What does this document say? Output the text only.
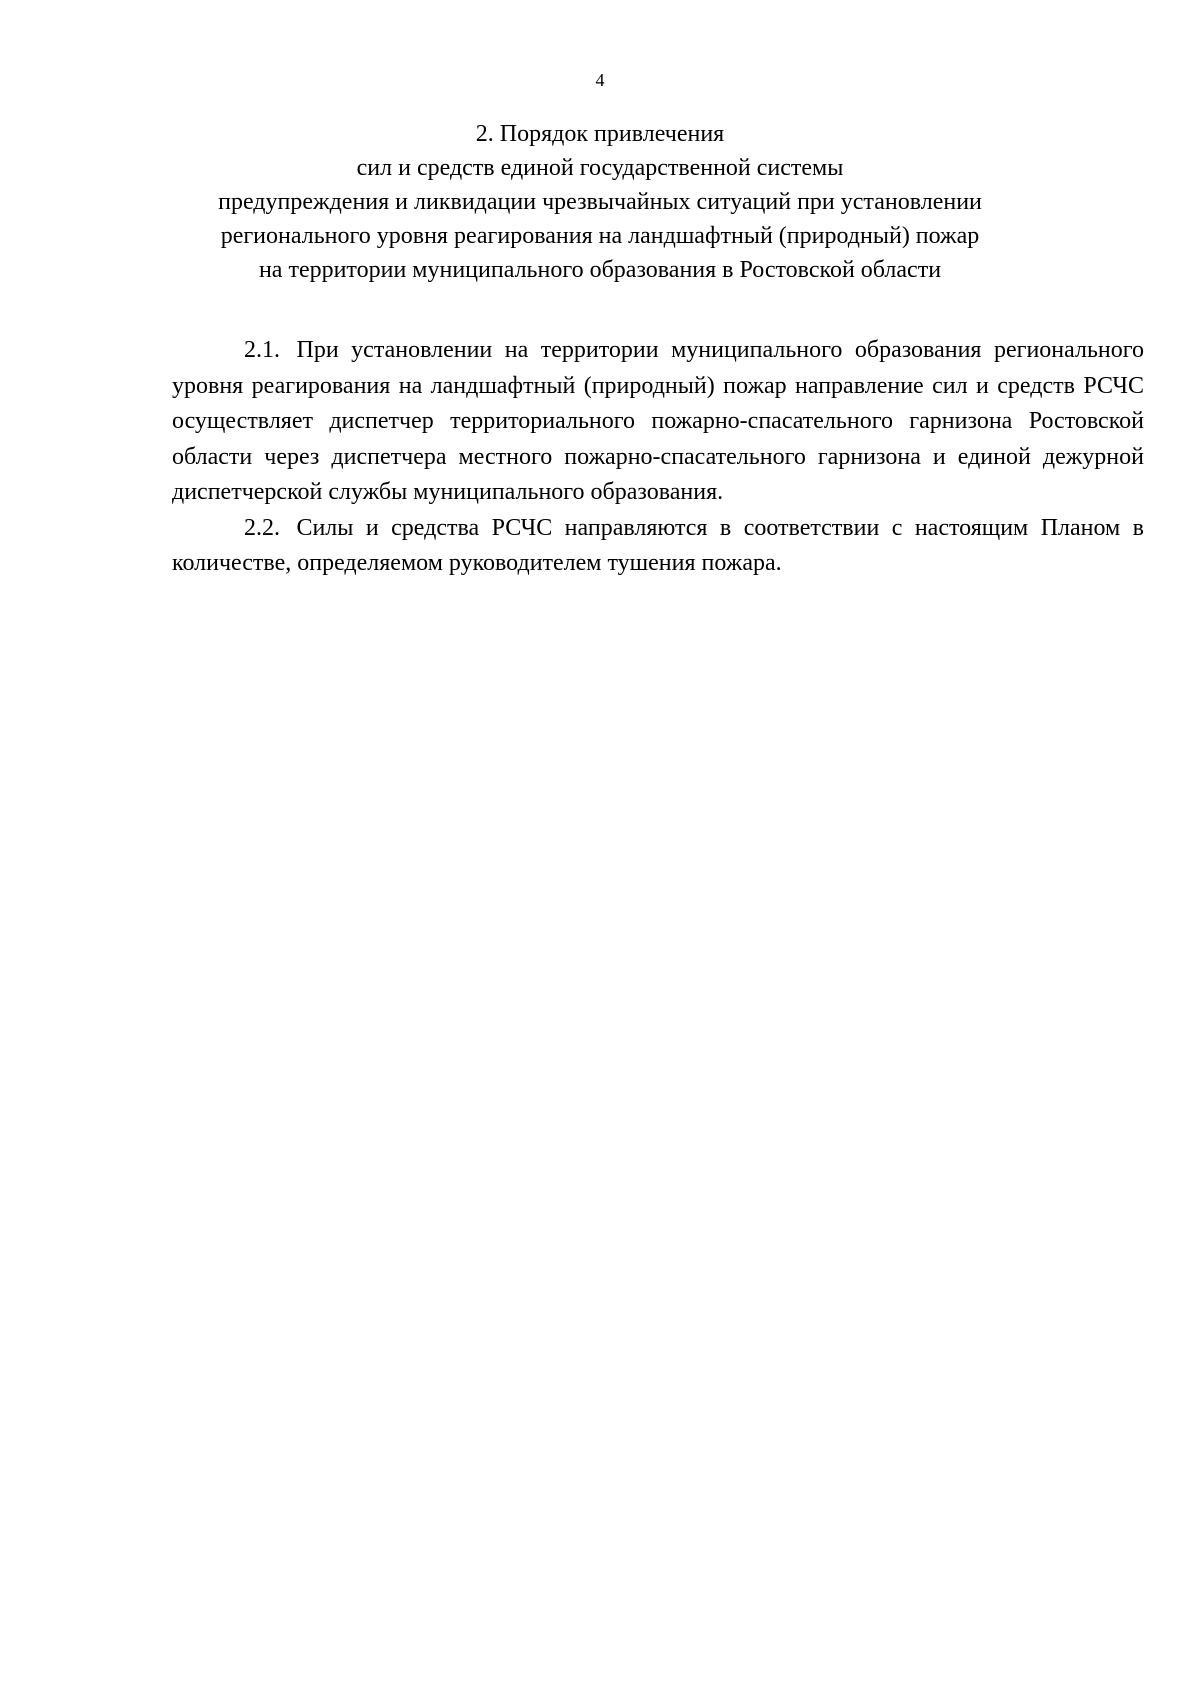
4
2. Порядок привлечения
сил и средств единой государственной системы
предупреждения и ликвидации чрезвычайных ситуаций при установлении
регионального уровня реагирования на ландшафтный (природный) пожар
на территории муниципального образования в Ростовской области

2.1. При установлении на территории муниципального образования регионального уровня реагирования на ландшафтный (природный) пожар направление сил и средств РСЧС осуществляет диспетчер территориального пожарно-спасательного гарнизона Ростовской области через диспетчера местного пожарно-спасательного гарнизона и единой дежурной диспетчерской службы муниципального образования.

2.2. Силы и средства РСЧС направляются в соответствии с настоящим Планом в количестве, определяемом руководителем тушения пожара.
